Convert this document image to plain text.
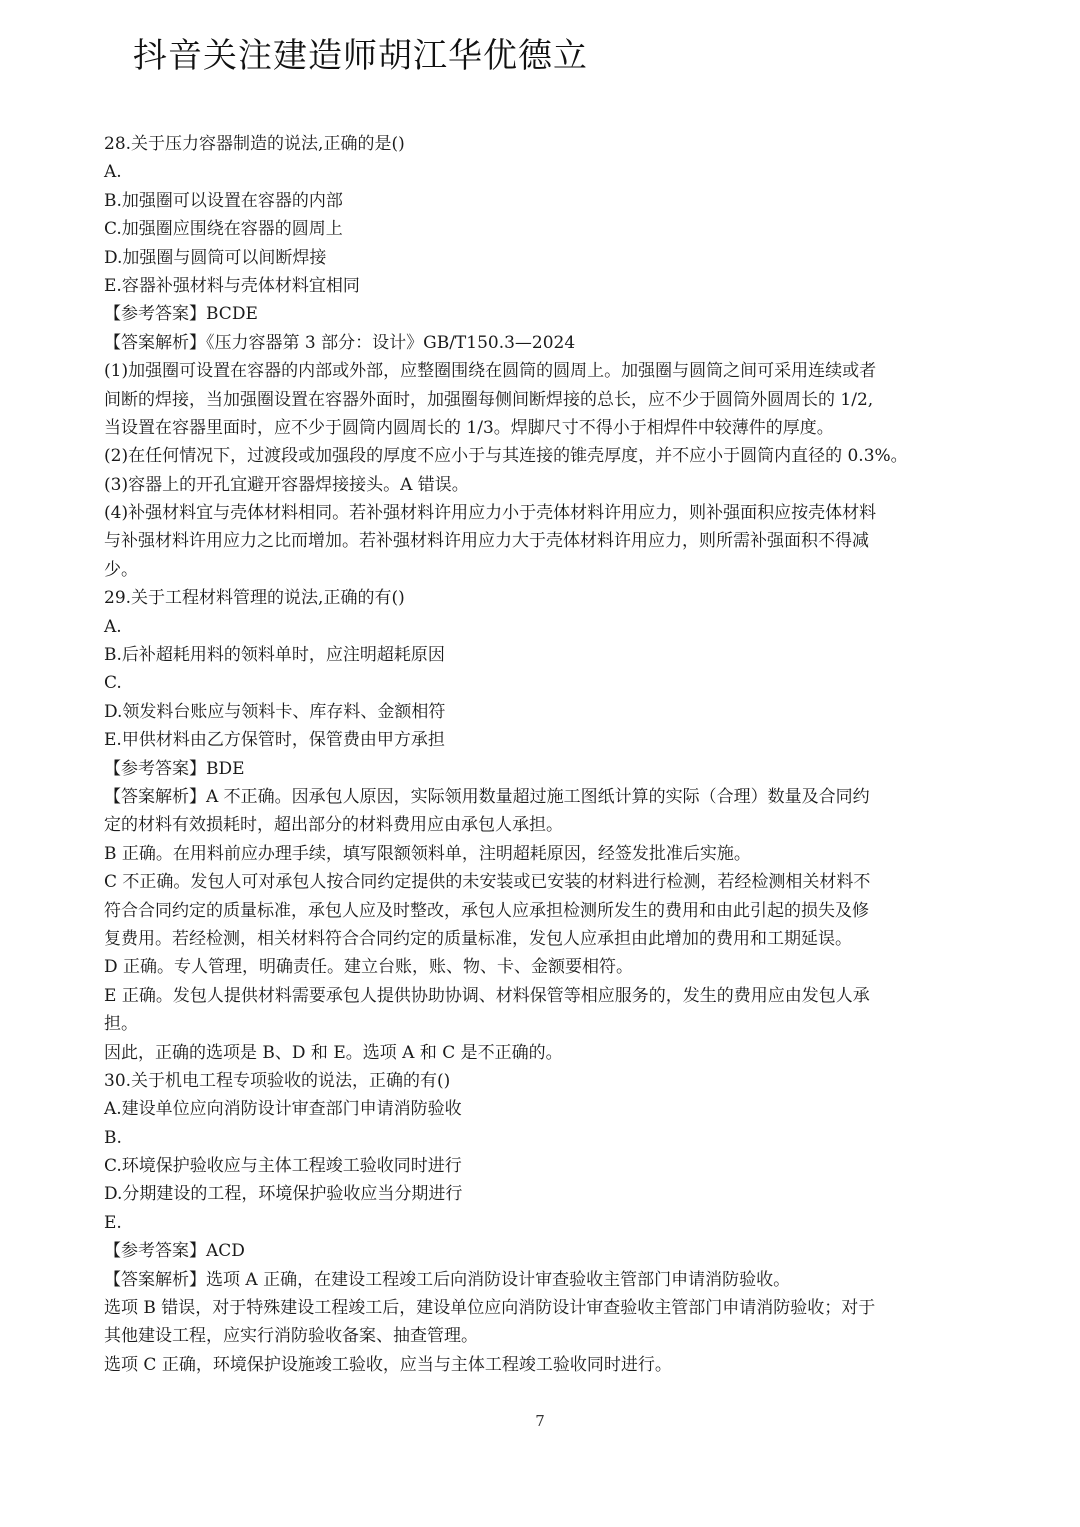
抖音关注建造师胡江华优德立
28.关于压力容器制造的说法,正确的是()
A.
B.加强圈可以设置在容器的内部
C.加强圈应围绕在容器的圆周上
D.加强圈与圆筒可以间断焊接
E.容器补强材料与壳体材料宜相同
【参考答案】BCDE
【答案解析】《压力容器第 3 部分：设计》GB/T150.3—2024
(1)加强圈可设置在容器的内部或外部，应整圈围绕在圆筒的圆周上。加强圈与圆筒之间可采用连续或者
间断的焊接，当加强圈设置在容器外面时，加强圈每侧间断焊接的总长，应不少于圆筒外圆周长的 1/2,
当设置在容器里面时，应不少于圆筒内圆周长的 1/3。焊脚尺寸不得小于相焊件中较薄件的厚度。
(2)在任何情况下，过渡段或加强段的厚度不应小于与其连接的锥壳厚度，并不应小于圆筒内直径的 0.3%。
(3)容器上的开孔宜避开容器焊接接头。A 错误。
(4)补强材料宜与壳体材料相同。若补强材料许用应力小于壳体材料许用应力，则补强面积应按壳体材料
与补强材料许用应力之比而增加。若补强材料许用应力大于壳体材料许用应力，则所需补强面积不得减
少。
29.关于工程材料管理的说法,正确的有()
A.
B.后补超耗用料的领料单时，应注明超耗原因
C.
D.领发料台账应与领料卡、库存料、金额相符
E.甲供材料由乙方保管时，保管费由甲方承担
【参考答案】BDE
【答案解析】A 不正确。因承包人原因，实际领用数量超过施工图纸计算的实际（合理）数量及合同约
定的材料有效损耗时，超出部分的材料费用应由承包人承担。
B 正确。在用料前应办理手续，填写限额领料单，注明超耗原因，经签发批准后实施。
C 不正确。发包人可对承包人按合同约定提供的未安装或已安装的材料进行检测，若经检测相关材料不
符合合同约定的质量标准，承包人应及时整改，承包人应承担检测所发生的费用和由此引起的损失及修
复费用。若经检测，相关材料符合合同约定的质量标准，发包人应承担由此增加的费用和工期延误。
D 正确。专人管理，明确责任。建立台账，账、物、卡、金额要相符。
E 正确。发包人提供材料需要承包人提供协助协调、材料保管等相应服务的，发生的费用应由发包人承
担。
因此，正确的选项是 B、D 和 E。选项 A 和 C 是不正确的。
30.关于机电工程专项验收的说法，正确的有()
A.建设单位应向消防设计审查部门申请消防验收
B.
C.环境保护验收应与主体工程竣工验收同时进行
D.分期建设的工程，环境保护验收应当分期进行
E.
【参考答案】ACD
【答案解析】选项 A 正确，在建设工程竣工后向消防设计审查验收主管部门申请消防验收。
选项 B 错误，对于特殊建设工程竣工后，建设单位应向消防设计审查验收主管部门申请消防验收；对于
其他建设工程，应实行消防验收备案、抽查管理。
选项 C 正确，环境保护设施竣工验收，应当与主体工程竣工验收同时进行。
7
